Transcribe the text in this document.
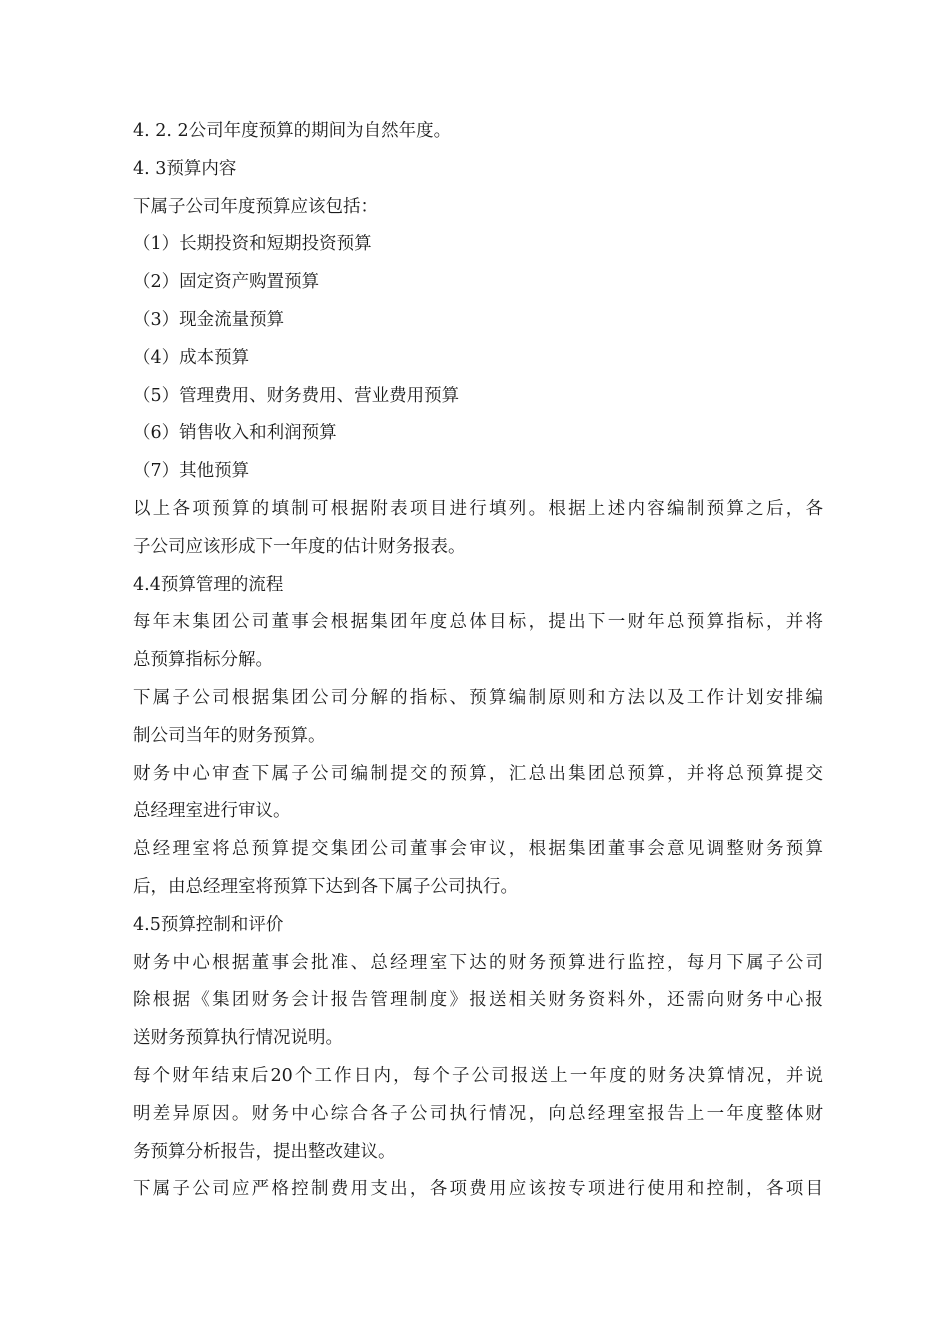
4. 2. 2公司年度预算的期间为自然年度。
4. 3预算内容
下属子公司年度预算应该包括：
（1）长期投资和短期投资预算
（2）固定资产购置预算
（3）现金流量预算
（4）成本预算
（5）管理费用、财务费用、营业费用预算
（6）销售收入和利润预算
（7）其他预算
以上各项预算的填制可根据附表项目进行填列。根据上述内容编制预算之后，各
子公司应该形成下一年度的估计财务报表。
4.4预算管理的流程
每年末集团公司董事会根据集团年度总体目标，提出下一财年总预算指标，并将
总预算指标分解。
下属子公司根据集团公司分解的指标、预算编制原则和方法以及工作计划安排编
制公司当年的财务预算。
财务中心审查下属子公司编制提交的预算，汇总出集团总预算，并将总预算提交
总经理室进行审议。
总经理室将总预算提交集团公司董事会审议，根据集团董事会意见调整财务预算
后，由总经理室将预算下达到各下属子公司执行。
4.5预算控制和评价
财务中心根据董事会批准、总经理室下达的财务预算进行监控，每月下属子公司
除根据《集团财务会计报告管理制度》报送相关财务资料外，还需向财务中心报
送财务预算执行情况说明。
每个财年结束后20个工作日内，每个子公司报送上一年度的财务决算情况，并说
明差异原因。财务中心综合各子公司执行情况，向总经理室报告上一年度整体财
务预算分析报告，提出整改建议。
下属子公司应严格控制费用支出，各项费用应该按专项进行使用和控制，各项目
